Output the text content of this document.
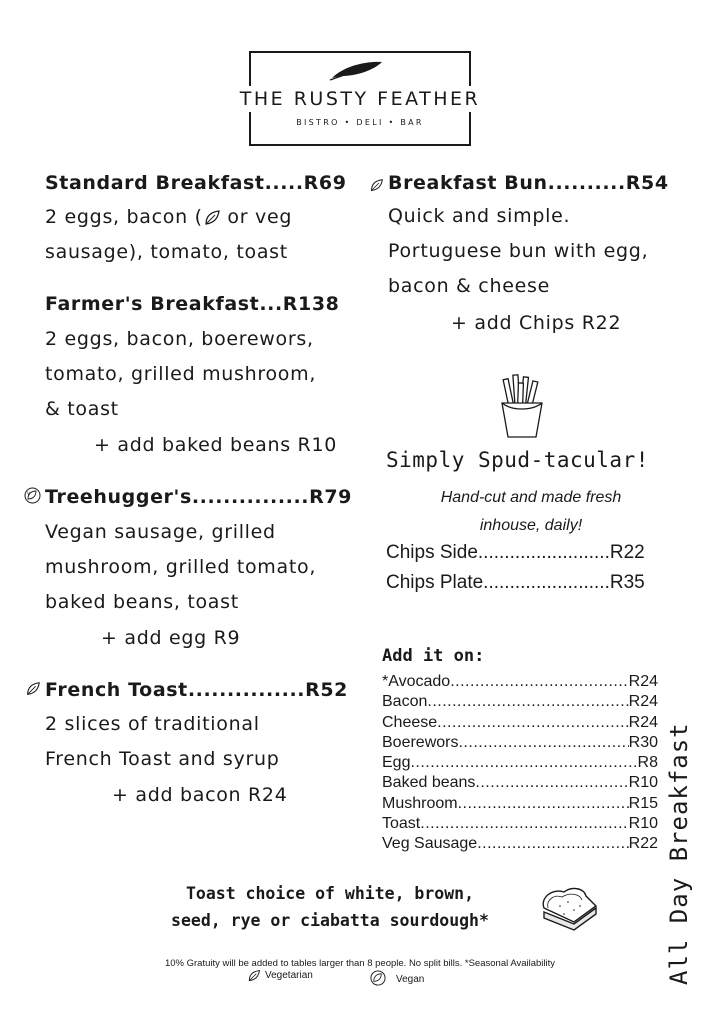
THE RUSTY FEATHER
BISTRO • DELI • BAR
Standard Breakfast.....R69
2 eggs, bacon ( or veg
sausage), tomato, toast
Farmer's Breakfast...R138
2 eggs, bacon, boerewors,
tomato, grilled mushroom,
& toast
+ add baked beans R10
V Treehugger's...............R79
Vegan sausage, grilled
mushroom, grilled tomato,
baked beans, toast
+ add egg R9
French Toast...............R52
2 slices of traditional
French Toast and syrup
+ add bacon R24
Breakfast Bun..........R54
Quick and simple.
Portuguese bun with egg,
bacon & cheese
+ add Chips R22
Simply Spud-tacular!
Hand-cut and made fresh
inhouse, daily!
Chips Side.........................R22
Chips Plate........................R35
Add it on:
*Avocado .....	R24
Bacon .....	R24
Cheese .....	R24
Boerewors .....	R30
Egg .....	R8
Baked beans .....	R10
Mushroom .....	R15
Toast .....	R10
Veg Sausage .....	R22 All Day Breakfast
Toast choice of white, brown,
seed, rye or ciabatta sourdough*
10% Gratuity will be added to tables larger than 8 people. No split bills. *Seasonal Availability
Vegetarian	Vegan
